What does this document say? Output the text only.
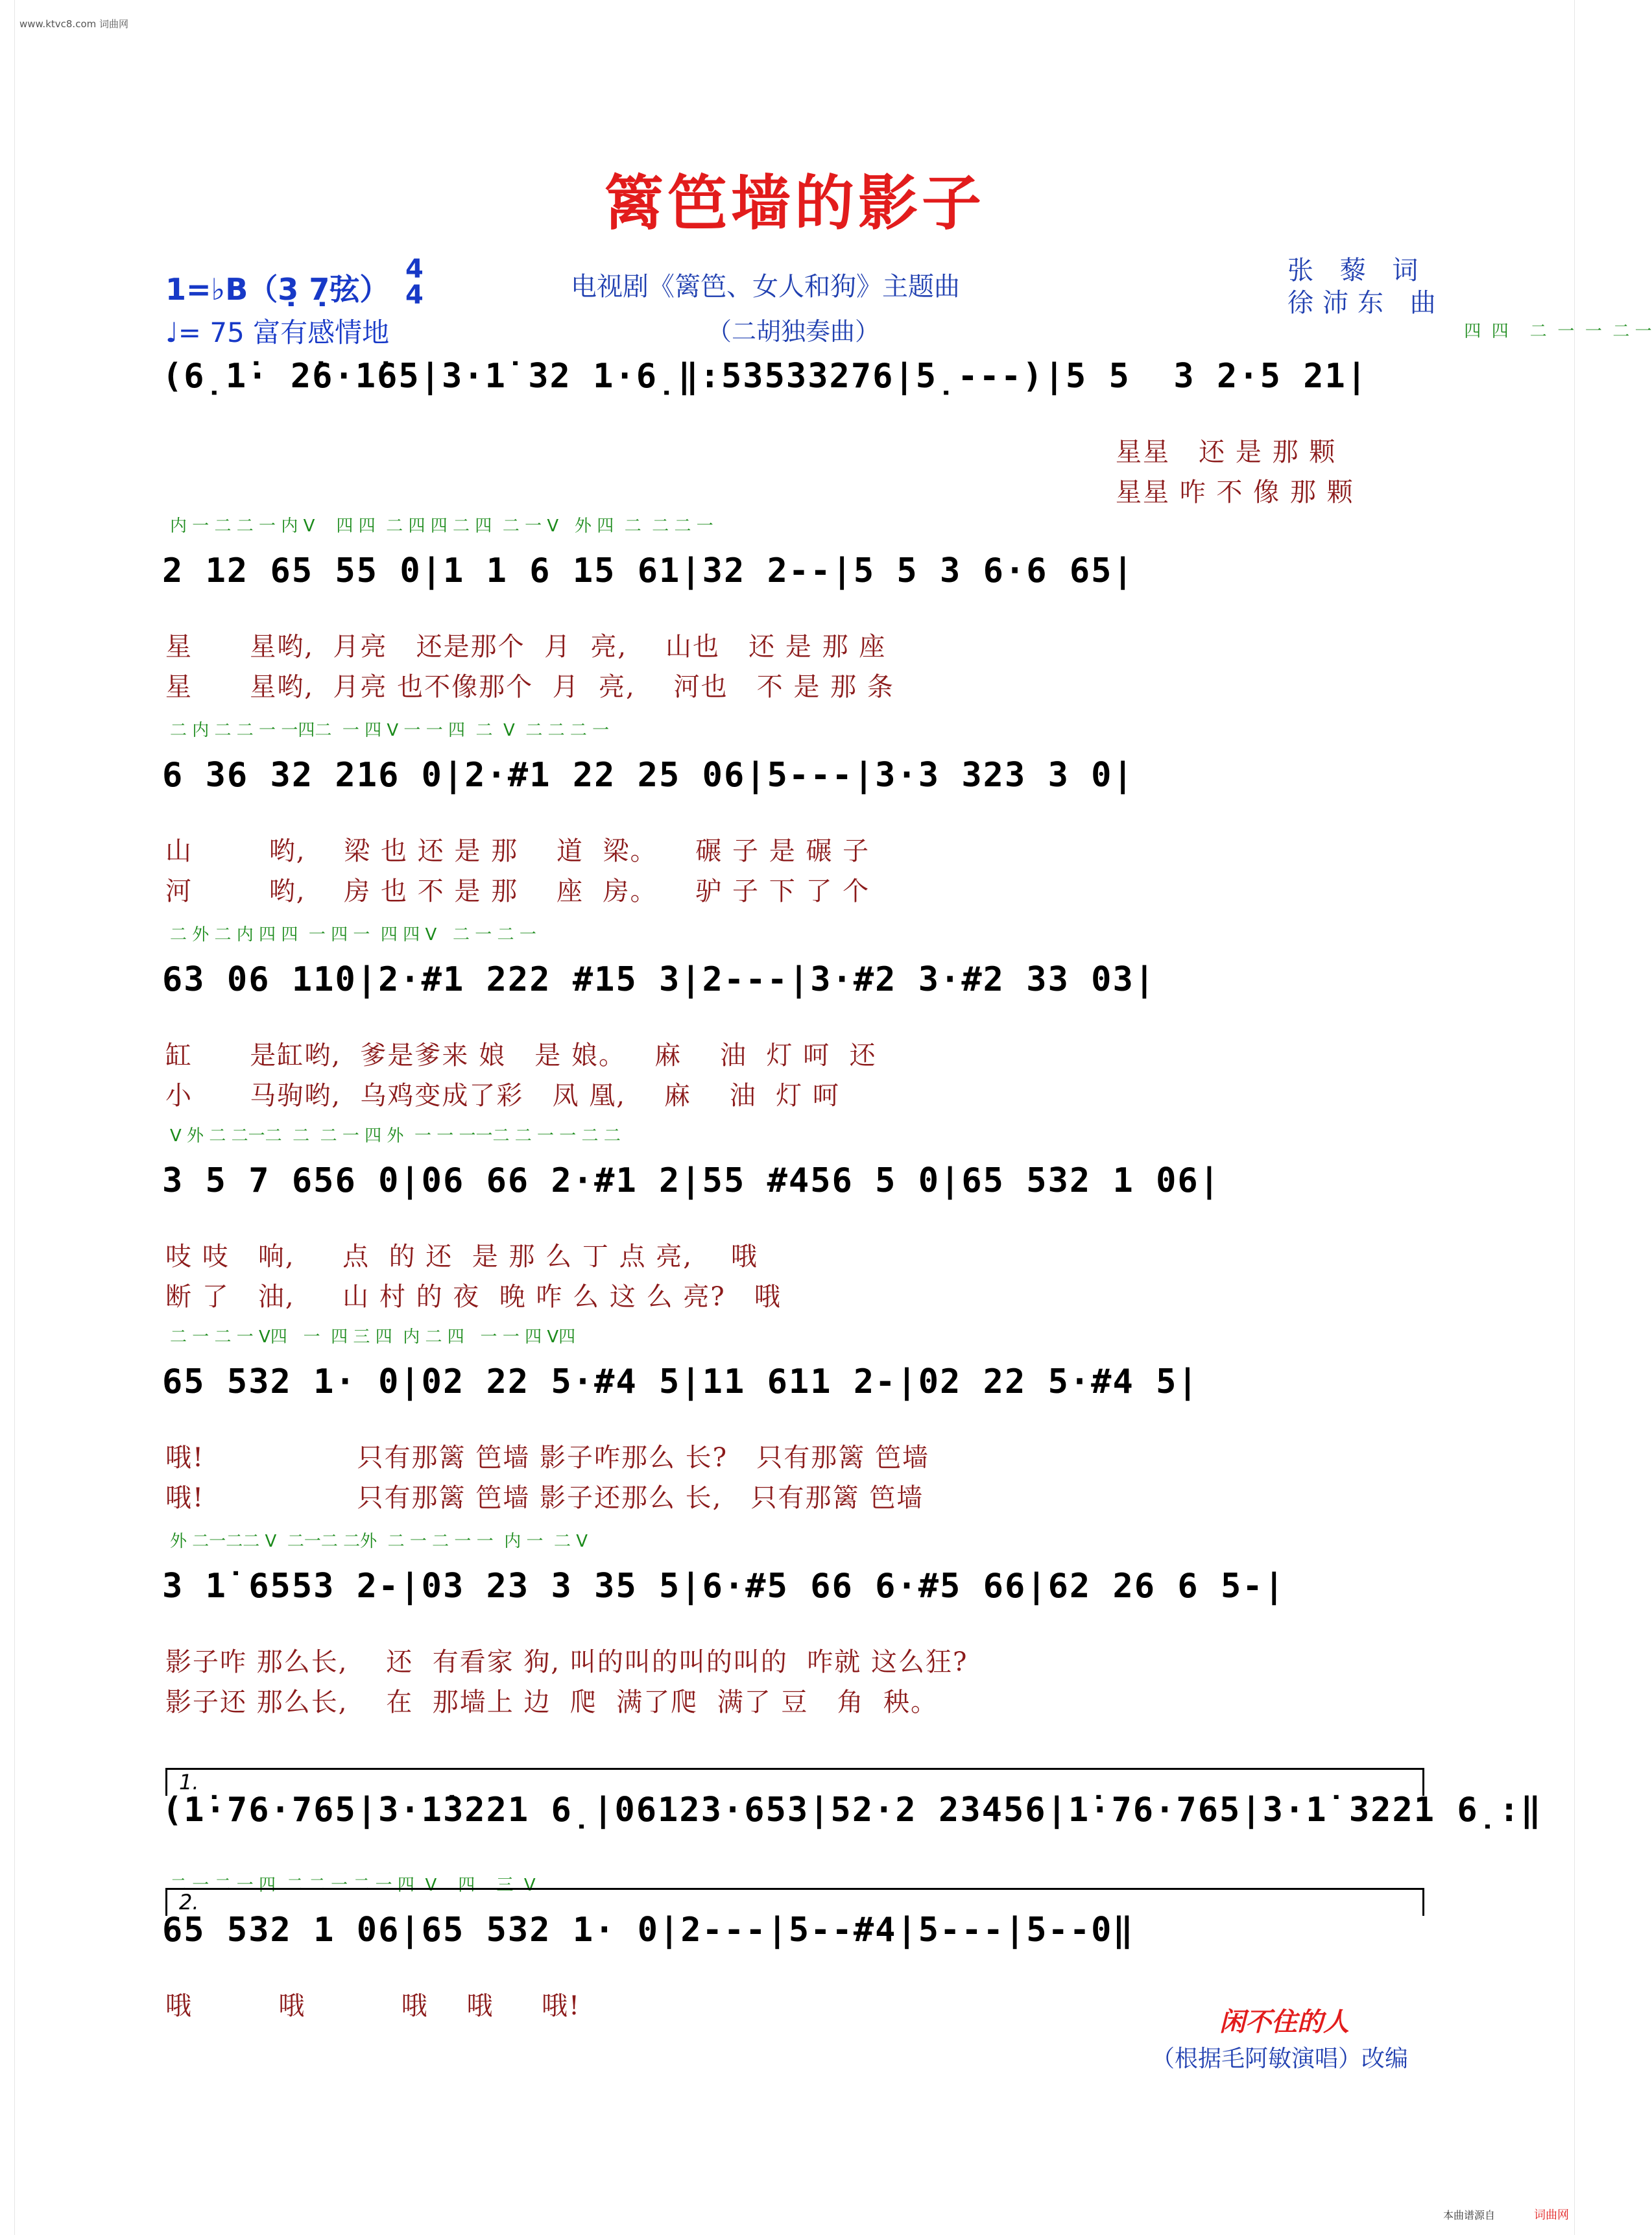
www.ktvc8.com 词曲网
篱笆墙的影子
1=♭B（3̣ 7̣弦）
4
4
♩= 75 富有感情地
电视剧《篱笆、女人和狗》主题曲
（二胡独奏曲）
张 藜 词
徐沛东 曲
四  四    二  一  一  二 一
(6̣1̇· 2̇6·1̇65|3·1̇ 32 1·6̣‖:53533276|5̣---)|5 5  3 2·5 21|
星星   还 是 那 颗
星星 咋 不 像 那 颗
内 一 二 二 一 内 V    四 四  二 四 四 二 四  二 一 V   外 四  二  二 二 一
2 12 65 55 0|1 1 6 15 61|32 2--|5 5 3 6·6 65|
星      星哟,  月亮   还是那个  月  亮,    山也   还 是 那 座
星      星哟,  月亮 也不像那个  月  亮,    河也   不 是 那 条
二 内 二 二 一 一四二  一 四 V 一 一 四  二  V  二 二 二 一
6 36 32 216 0|2·#1 22 25 06|5---|3·3 323 3 0|
山        哟,    梁 也 还 是 那    道  梁。    碾 子 是 碾 子
河        哟,    房 也 不 是 那    座  房。    驴 子 下 了 个
二 外 二 内 四 四  一 四 一  四 四 V   二 一 二 一
63 06 110|2·#1 222 #15 3|2---|3·#2 3·#2 33 03|
缸      是缸哟,  爹是爹来 娘   是 娘。   麻    油  灯 呵  还
小      马驹哟,  乌鸡变成了彩   凤 凰,    麻    油  灯 呵
V 外 二 二一二  二  二 一 四 外  一 一 一一二 二 一 一 二 二
3 5 7 656 0|06 66 2·#1 2|55 #456 5 0|65 532 1 06|
吱 吱   响,     点  的 还  是 那 么 丁 点 亮,    哦
断 了   油,     山 村 的 夜  晚 咋 么 这 么 亮?   哦
二 一 二 一 V四   一  四 三 四  内 二 四   一 一 四 V四
65 532 1· 0|02 22 5·#4 5|11 611 2-|02 22 5·#4 5|
哦!                只有那篱 笆墙 影子咋那么 长?   只有那篱 笆墙
哦!                只有那篱 笆墙 影子还那么 长,   只有那篱 笆墙
外 二一二二 V  二一二 二外  二 一 二 一 一  内 一  二 V
3 1̇ 6553 2-|03 23 3 35 5|6·#5 66 6·#5 66|62 26 6 5-|
影子咋 那么长,    还  有看家 狗, 叫的叫的叫的叫的  咋就 这么狂?
影子还 那么长,    在  那墙上 边  爬  满了爬  满了 豆   角  秧。
(1̇·76·765|3·1̇3221 6̣|06123·653|52·2 23456|1̇·76·765|3·1̇ 3221 6̣:‖
二 一 二 一 四  二 二 一 二 一 四  V    四    三  V
65 532 1 06|65 532 1· 0|2---|5--#4|5---|5--0‖
哦         哦          哦    哦     哦!
1.
2.
闲不住的人
（根据毛阿敏演唱）改编
本曲谱源自	词曲网
